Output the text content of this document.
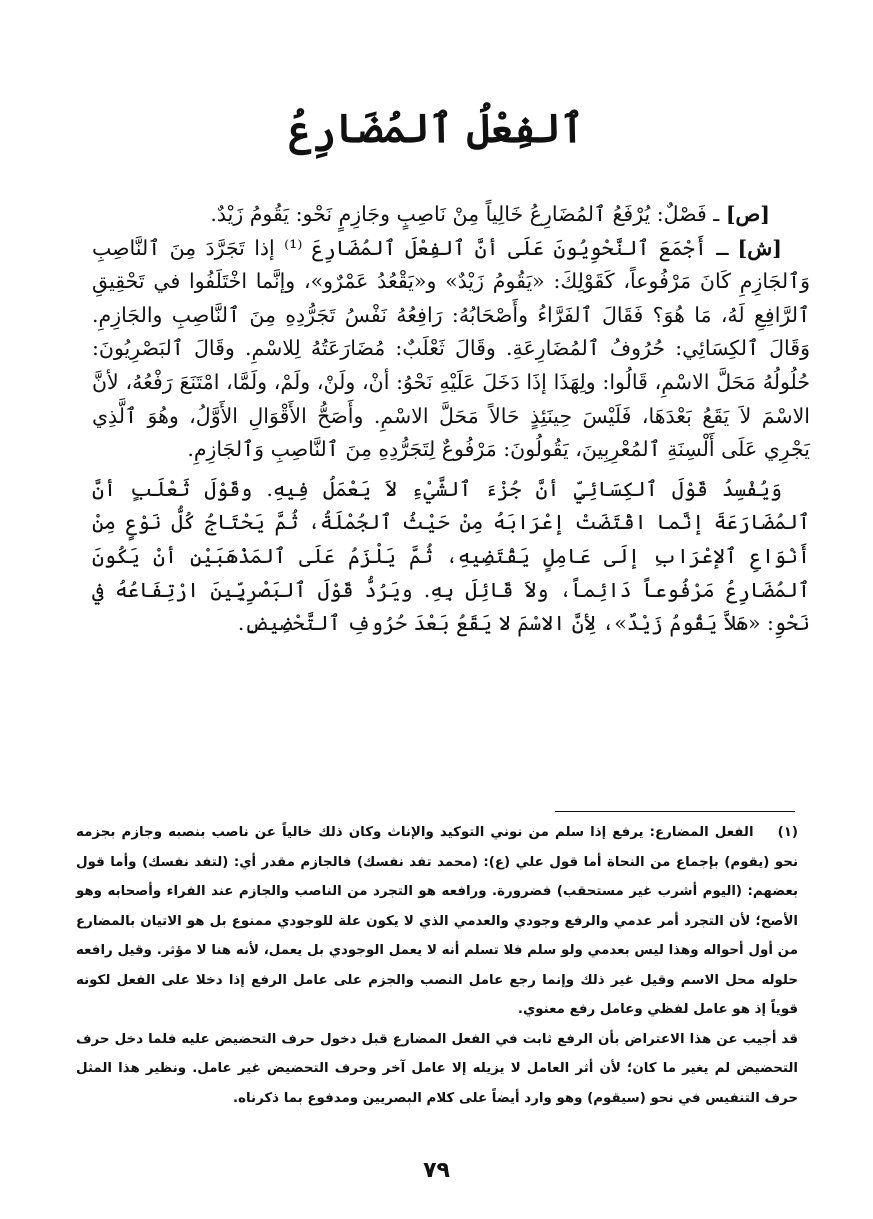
ٱلفِعْلُ ٱلمُضَارِعُ

[ص] ـ فَصْلٌ: يُرْفَعُ ٱلمُضَارِعُ خَالِياً مِنْ نَاصِبٍ وجَازِمٍ نَحْو: يَقُومُ زَيْدٌ.

[ش] ـ أَجْمَعَ ٱلنَّحْوِيُونَ عَلَى أنَّ ٱلفِعْلَ ٱلمُضَارِعَ ⁽¹⁾ إذا تَجَرَّدَ مِنَ ٱلنَّاصِبِ وَٱلجَازِمِ كَانَ مَرْفُوعاً، كَقَوْلِكَ: «يَقُومُ زَيْدٌ» و«يَقْعُدُ عَمْرٌو»، وإنَّما اخْتَلَفُوا في تَحْقِيقِ ٱلرَّافِعِ لَهُ، مَا هُوَ؟ فَقَالَ ٱلفَرَّاءُ وأَصْحَابُهُ: رَافِعُهُ نَفْسُ تَجَرُّدِهِ مِنَ ٱلنَّاصِبِ والجَازِمِ. وَقَالَ ٱلكِسَائِي: حُرُوفُ ٱلمُضَارِعَةِ. وقَالَ ثَعْلَبٌ: مُضَارَعَتُهُ لِلاسْمِ. وقَالَ ٱلبَصْرِيُونَ: حُلُولُهُ مَحَلَّ الاسْمِ، قَالُوا: ولِهَذَا إذَا دَخَلَ عَلَيْهِ نَحْوُ: أنْ، ولَنْ، ولَمْ، ولَمَّا، امْتَنَعَ رَفْعُهُ، لأنَّ الاسْمَ لاَ يَقَعُ بَعْدَهَا، فَلَيْسَ حِينَئِذٍ حَالاً مَحَلَّ الاسْمِ. وأَصَحُّ الأَقْوَالِ الأَوَّلُ، وهُوَ ٱلَّذِي يَجْرِي عَلَى أَلْسِنَةِ ٱلمُعْرِبِينَ، يَقُولُونَ: مَرْفُوعٌ لِتَجَرُّدِهِ مِنَ ٱلنَّاصِبِ وَٱلجَازِمِ.

وَيُفْسِدُ قَوْلَ ٱلكِسَائِيِّ أنَّ جُزْءَ ٱلشَّيْءِ لاَ يَعْمَلُ فِيهِ. وقَوْلَ ثَعْلَبٍ أنَّ ٱلمُضَارَعَةَ إنَّما اقْتَضَتْ إعْرَابَهُ مِنْ حَيْثُ ٱلجُمْلَةُ، ثُمَّ يَحْتَاجُ كُلُّ نَوْعٍ مِنْ أَنْوَاعِ ٱلإعْرَابِ إلَى عَامِلٍ يَقْتَضِيهِ، ثُمَّ يَلْزَمُ عَلَى ٱلمَذْهَبَيْنِ أنْ يَكُونَ ٱلمُضَارِعُ مَرْفُوعاً دَائِماً، ولاَ قَائِلَ بِهِ. ويَرُدُّ قَوْلَ ٱلبَصْرِيِّينَ ارْتِفَاعُهُ في نَحْوِ: «هَلاَّ يَقُومُ زَيْدٌ»، لِأنَّ الاسْمَ لا يَقَعُ بَعْدَ حُرُوفِ ٱلتَّحْضِيضِ.

(١)الفعل المضارع: يرفع إذا سلم من نوني التوكيد والإناث وكان ذلك خالياً عن ناصب بنصبه وجازم بجزمه نحو (يقوم) بإجماع من النحاة أما قول علي (ع): (محمد تفد نفسك) فالجازم مقدر أي: (لتفد نفسك) وأما قول بعضهم: (اليوم أشرب غير مستحقب) فضرورة. ورافعه هو التجرد من الناصب والجازم عند الفراء وأصحابه وهو الأصح؛ لأن التجرد أمر عدمي والرفع وجودي والعدمي الذي لا يكون علة للوجودي ممنوع بل هو الاتيان بالمضارع من أول أحواله وهذا ليس بعدمي ولو سلم فلا تسلم أنه لا يعمل الوجودي بل يعمل، لأنه هنا لا مؤثر. وقيل رافعه حلوله محل الاسم وقيل غير ذلك وإنما رجع عامل النصب والجزم على عامل الرفع إذا دخلا على الفعل لكونه قوياً إذ هو عامل لفظي وعامل رفع معنوي.

قد أجيب عن هذا الاعتراض بأن الرفع ثابت في الفعل المضارع قبل دخول حرف التحضيض عليه فلما دخل حرف التحضيض لم يغير ما كان؛ لأن أثر العامل لا يزيله إلا عامل آخر وحرف التحضيض غير عامل. ونظير هذا المثل حرف التنفيس في نحو (سيقوم) وهو وارد أيضاً على كلام البصريين ومدفوع بما ذكرناه.

٧٩
